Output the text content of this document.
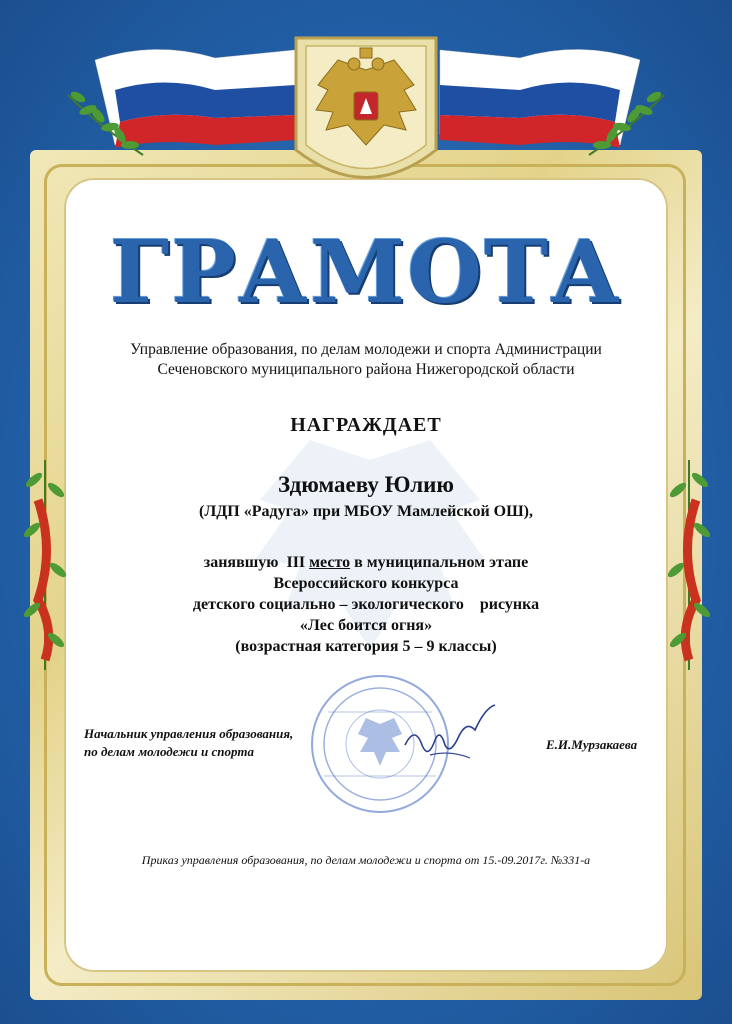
ГРАМОТА
Управление образования, по делам молодежи и спорта Администрации
Сеченовского муниципального района Нижегородской области
НАГРАЖДАЕТ
Здюмаеву Юлию
(ЛДП «Радуга» при МБОУ Мамлейской ОШ),
занявшую  III место в муниципальном этапе
Всероссийского конкурса
детского социально – экологического    рисунка
«Лес боится огня»
(возрастная категория 5 – 9 классы)
Начальник управления образования,
по делам молодежи и спорта	Е.И.Мурзакаева
Приказ управления образования, по делам молодежи и спорта от 15.-09.2017г. №331-а
